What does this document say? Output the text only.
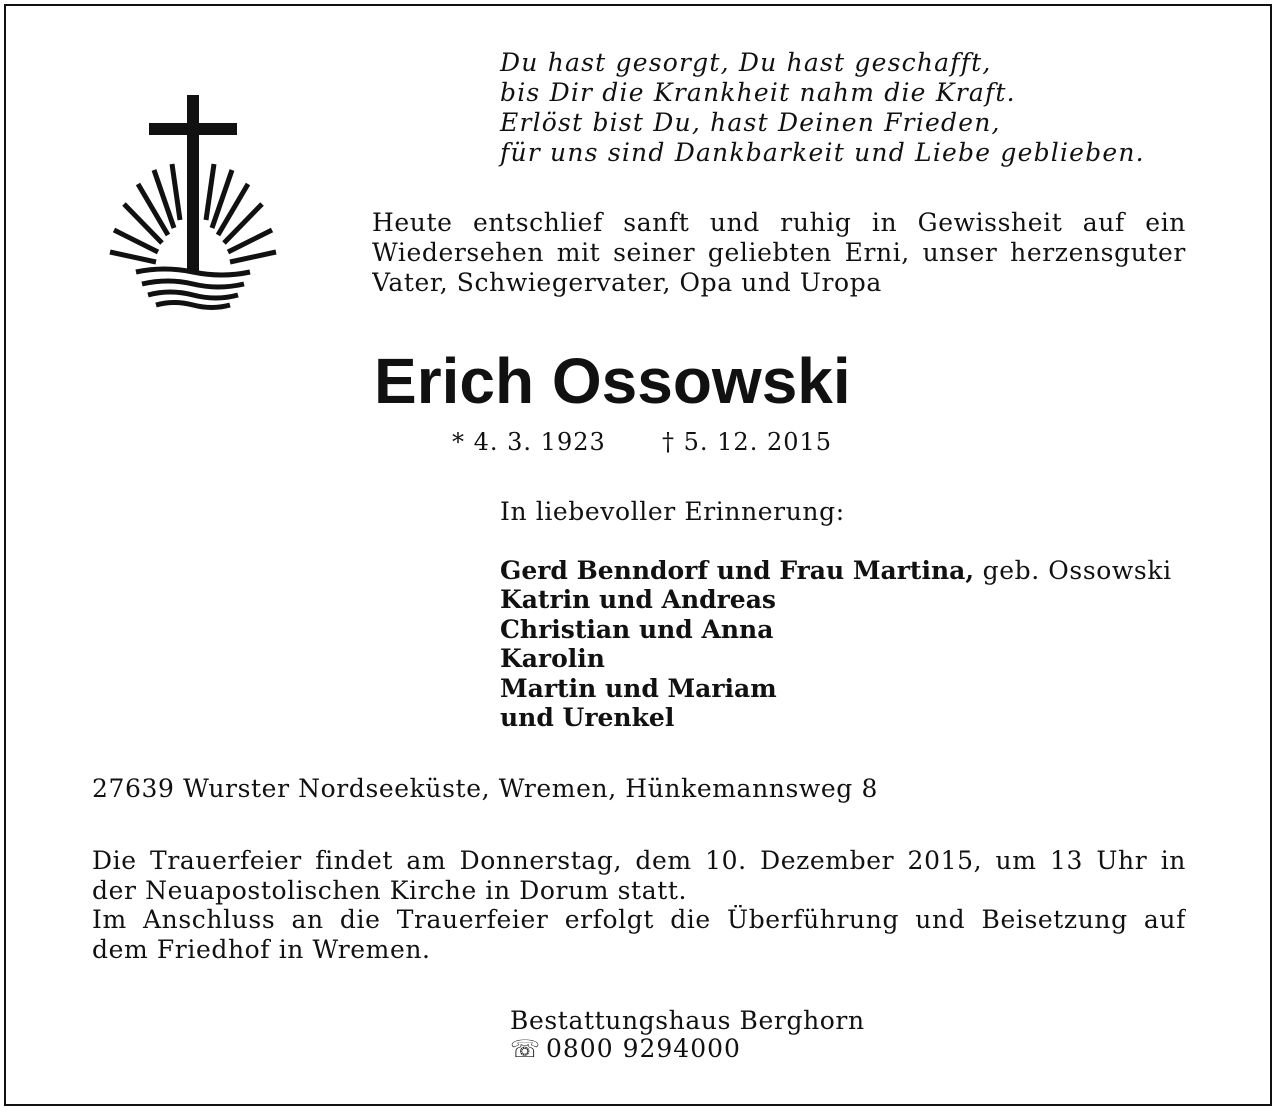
Du hast gesorgt, Du hast geschafft,
bis Dir die Krankheit nahm die Kraft.
Erlöst bist Du, hast Deinen Frieden,
für uns sind Dankbarkeit und Liebe geblieben.
Heute entschlief sanft und ruhig in Gewissheit auf ein
Wiedersehen mit seiner geliebten Erni, unser herzensguter
Vater, Schwiegervater, Opa und Uropa
Erich Ossowski
* 4. 3. 1923 † 5. 12. 2015
In liebevoller Erinnerung:
Gerd Benndorf und Frau Martina, geb. Ossowski
Katrin und Andreas
Christian und Anna
Karolin
Martin und Mariam
und Urenkel
27639 Wurster Nordseeküste, Wremen, Hünkemannsweg 8
Die Trauerfeier findet am Donnerstag, dem 10. Dezember 2015, um 13 Uhr in
der Neuapostolischen Kirche in Dorum statt.
Im Anschluss an die Trauerfeier erfolgt die Überführung und Beisetzung auf
dem Friedhof in Wremen.
Bestattungshaus Berghorn
☏ 0800 9294000
